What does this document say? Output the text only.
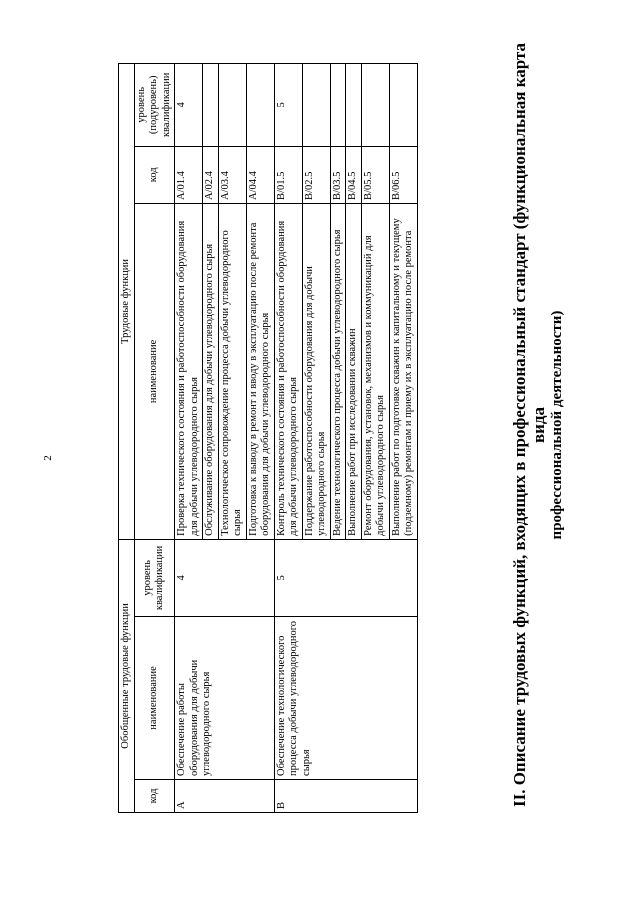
2	II. Описание трудовых функций, входящих в профессиональный стандарт (функциональная карта вида профессиональной деятельности)
Обобщенные трудовые функции			Трудовые функции		
код	наименование	уровень квалификации	наименование	код	уровень (подуровень) квалификации
A	Обеспечение работы оборудования для добычи углеводородного сырья	4	Проверка технического состояния и работоспособности оборудования для добычи углеводородного сырья	A/01.4	4
			Обслуживание оборудования для добычи углеводородного сырья	A/02.4	
			Технологическое сопровождение процесса добычи углеводородного сырья	A/03.4	
			Подготовка к выводу в ремонт и вводу в эксплуатацию после ремонта оборудования для добычи углеводородного сырья	A/04.4	
B	Обеспечение технологического процесса добычи углеводородного сырья	5	Контроль технического состояния и работоспособности оборудования для добычи углеводородного сырья	B/01.5	5
			Поддержание работоспособности оборудования для добычи углеводородного сырья	B/02.5	
			Ведение технологического процесса добычи углеводородного сырья	B/03.5	
			Выполнение работ при исследовании скважин	B/04.5	
			Ремонт оборудования, установок, механизмов и коммуникаций для добычи углеводородного сырья	B/05.5	
			Выполнение работ по подготовке скважин к капитальному и текущему (подземному) ремонтам и приему их в эксплуатацию после ремонта	B/06.5	
